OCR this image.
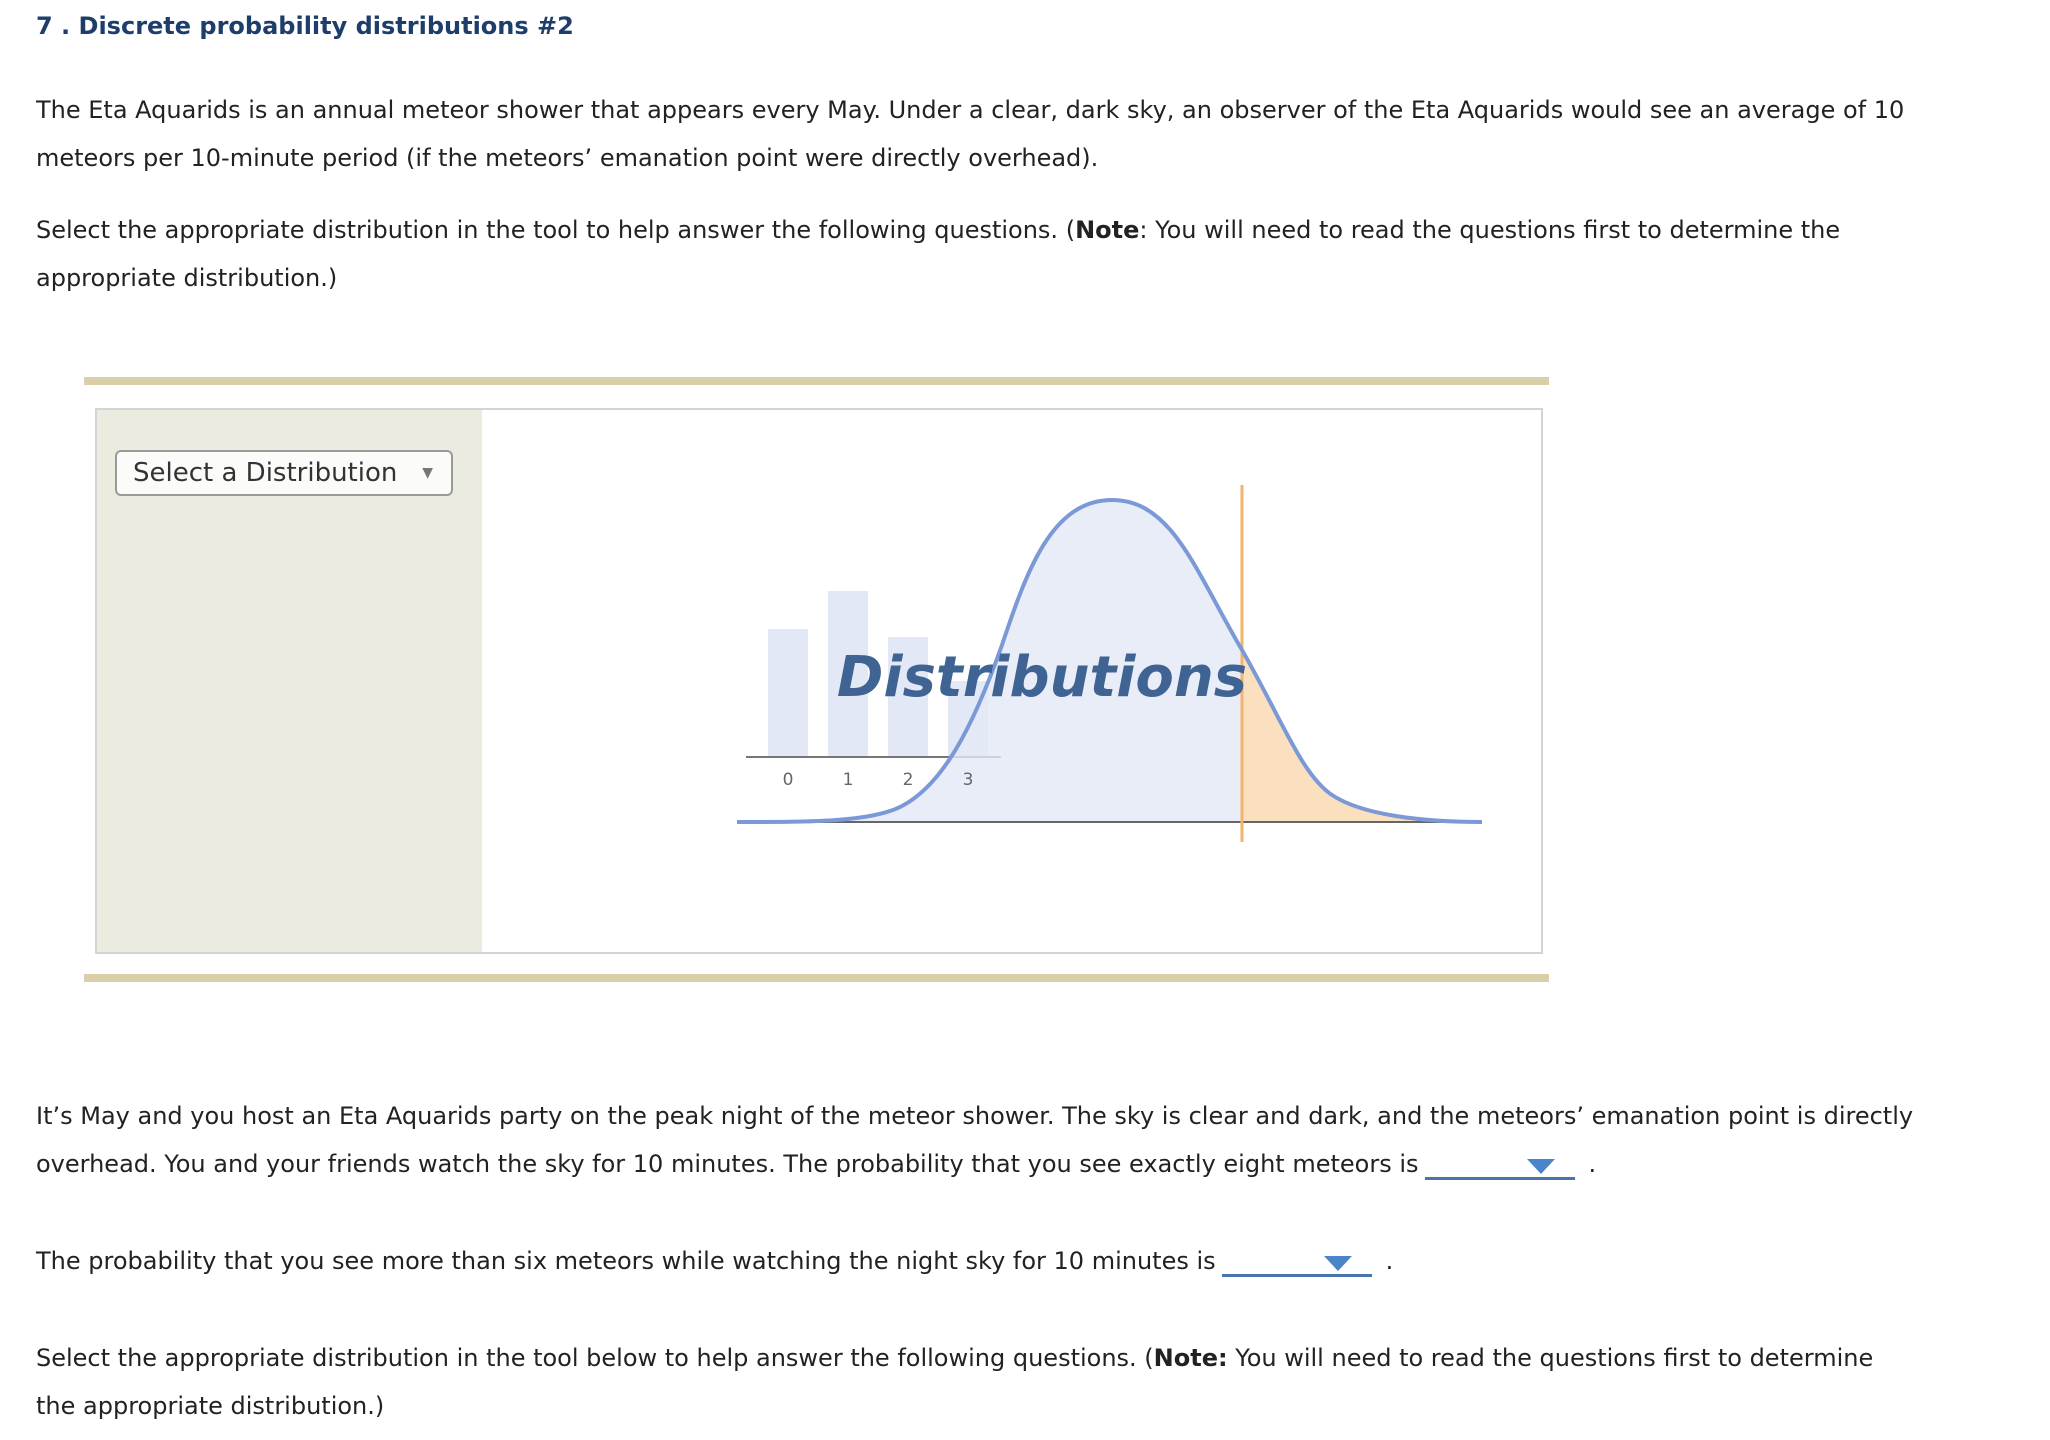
7 . Discrete probability distributions #2
The Eta Aquarids is an annual meteor shower that appears every May. Under a clear, dark sky, an observer of the Eta Aquarids would see an average of 10 meteors per 10-minute period (if the meteors’ emanation point were directly overhead).
Select the appropriate distribution in the tool to help answer the following questions. (Note: You will need to read the questions first to determine the appropriate distribution.)
Select a Distribution ▼
0	1	2	3
Distributions
It’s May and you host an Eta Aquarids party on the peak night of the meteor shower. The sky is clear and dark, and the meteors’ emanation point is directly overhead. You and your friends watch the sky for 10 minutes. The probability that you see exactly eight meteors is	.
The probability that you see more than six meteors while watching the night sky for 10 minutes is	.
Select the appropriate distribution in the tool below to help answer the following questions. (Note: You will need to read the questions first to determine the appropriate distribution.)
